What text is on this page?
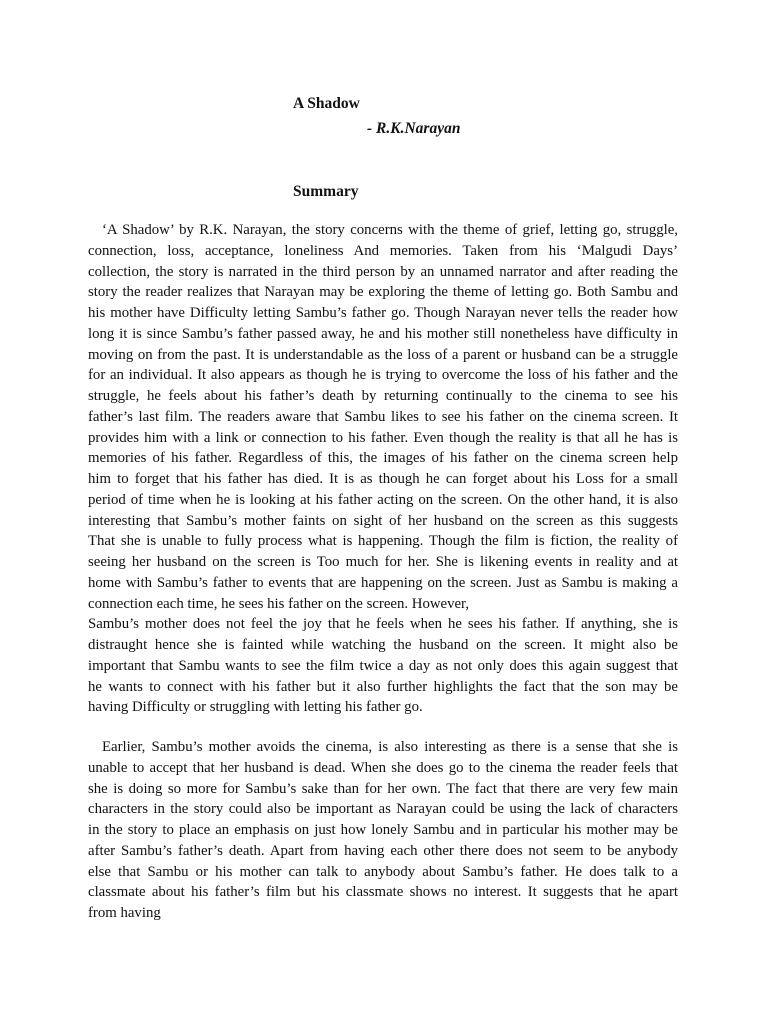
A Shadow
- R.K.Narayan
Summary
‘A Shadow’ by R.K. Narayan, the story concerns with the theme of grief, letting go, struggle,
connection, loss, acceptance, loneliness And memories. Taken from his ‘Malgudi Days’
collection, the story is narrated in the third person by an unnamed narrator and after reading the
story the reader realizes that Narayan may be exploring the theme of letting go. Both Sambu and
his mother have Difficulty letting Sambu’s father go. Though Narayan never tells the reader how
long it is since Sambu’s father passed away, he and his mother still nonetheless have difficulty in
moving on from the past. It is understandable as the loss of a parent or husband can be a struggle
for an individual. It also appears as though he is trying to overcome the loss of his father and the
struggle, he feels about his father’s death by returning continually to the cinema to see his
father’s last film. The readers aware that Sambu likes to see his father on the cinema screen. It
provides him with a link or connection to his father. Even though the reality is that all he has is
memories of his father. Regardless of this, the images of his father on the cinema screen help
him to forget that his father has died. It is as though he can forget about his Loss for a small
period of time when he is looking at his father acting on the screen. On the other hand, it is also
interesting that Sambu’s mother faints on sight of her husband on the screen as this suggests
That she is unable to fully process what is happening. Though the film is fiction, the reality of
seeing her husband on the screen is Too much for her. She is likening events in reality and at
home with Sambu’s father to events that are happening on the screen. Just as Sambu is making a
connection each time, he sees his father on the screen. However,
Sambu’s mother does not feel the joy that he feels when he sees his father. If anything, she is
distraught hence she is fainted while watching the husband on the screen. It might also be
important that Sambu wants to see the film twice a day as not only does this again suggest that
he wants to connect with his father but it also further highlights the fact that the son may be
having Difficulty or struggling with letting his father go.
Earlier, Sambu’s mother avoids the cinema, is also interesting as there is a sense that she is
unable to accept that her husband is dead. When she does go to the cinema the reader feels that
she is doing so more for Sambu’s sake than for her own. The fact that there are very few main
characters in the story could also be important as Narayan could be using the lack of characters
in the story to place an emphasis on just how lonely Sambu and in particular his mother may be
after Sambu’s father’s death. Apart from having each other there does not seem to be anybody
else that Sambu or his mother can talk to anybody about Sambu’s father. He does talk to a
classmate about his father’s film but his classmate shows no interest. It suggests that he apart
from having
